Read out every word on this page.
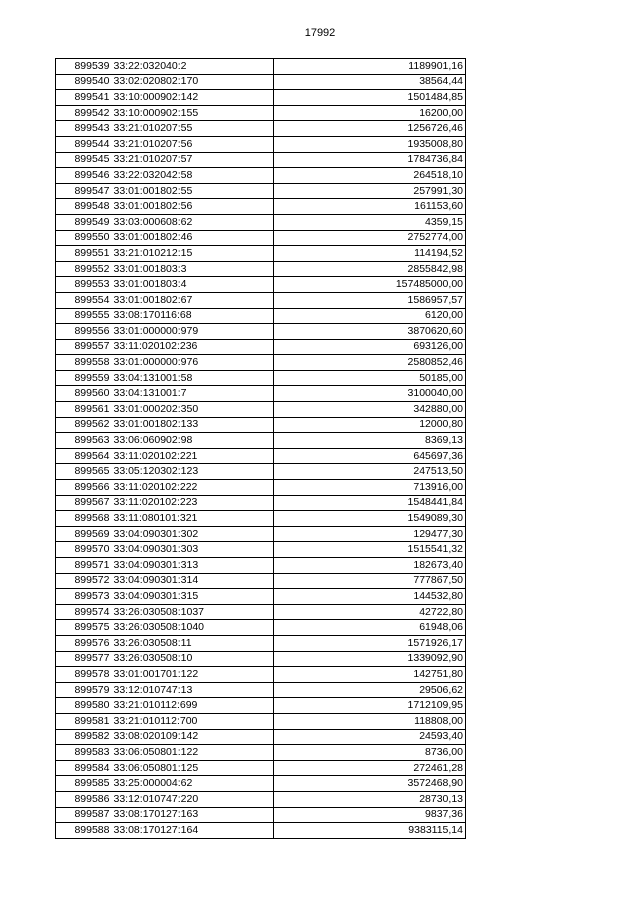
17992
899539	33:22:032040:2	1189901,16
899540	33:02:020802:170	38564,44
899541	33:10:000902:142	1501484,85
899542	33:10:000902:155	16200,00
899543	33:21:010207:55	1256726,46
899544	33:21:010207:56	1935008,80
899545	33:21:010207:57	1784736,84
899546	33:22:032042:58	264518,10
899547	33:01:001802:55	257991,30
899548	33:01:001802:56	161153,60
899549	33:03:000608:62	4359,15
899550	33:01:001802:46	2752774,00
899551	33:21:010212:15	114194,52
899552	33:01:001803:3	2855842,98
899553	33:01:001803:4	157485000,00
899554	33:01:001802:67	1586957,57
899555	33:08:170116:68	6120,00
899556	33:01:000000:979	3870620,60
899557	33:11:020102:236	693126,00
899558	33:01:000000:976	2580852,46
899559	33:04:131001:58	50185,00
899560	33:04:131001:7	3100040,00
899561	33:01:000202:350	342880,00
899562	33:01:001802:133	12000,80
899563	33:06:060902:98	8369,13
899564	33:11:020102:221	645697,36
899565	33:05:120302:123	247513,50
899566	33:11:020102:222	713916,00
899567	33:11:020102:223	1548441,84
899568	33:11:080101:321	1549089,30
899569	33:04:090301:302	129477,30
899570	33:04:090301:303	1515541,32
899571	33:04:090301:313	182673,40
899572	33:04:090301:314	777867,50
899573	33:04:090301:315	144532,80
899574	33:26:030508:1037	42722,80
899575	33:26:030508:1040	61948,06
899576	33:26:030508:11	1571926,17
899577	33:26:030508:10	1339092,90
899578	33:01:001701:122	142751,80
899579	33:12:010747:13	29506,62
899580	33:21:010112:699	1712109,95
899581	33:21:010112:700	118808,00
899582	33:08:020109:142	24593,40
899583	33:06:050801:122	8736,00
899584	33:06:050801:125	272461,28
899585	33:25:000004:62	3572468,90
899586	33:12:010747:220	28730,13
899587	33:08:170127:163	9837,36
899588	33:08:170127:164	9383115,14
